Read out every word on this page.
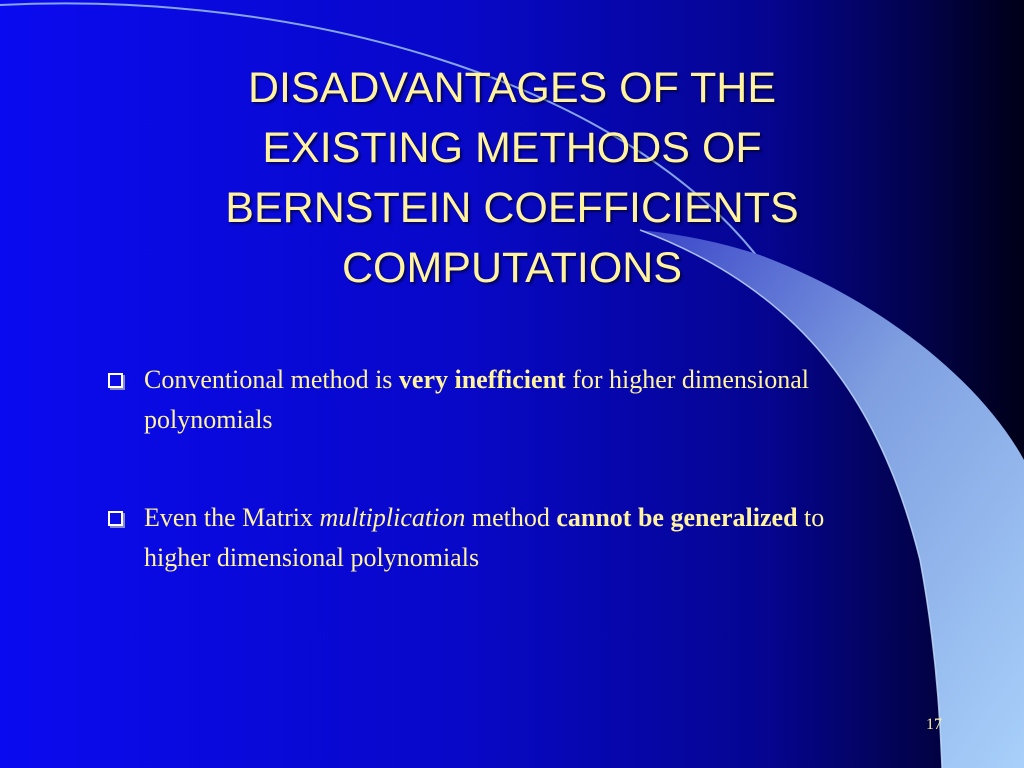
DISADVANTAGES OF THE
EXISTING METHODS OF
BERNSTEIN COEFFICIENTS
COMPUTATIONS
Conventional method is very inefficient for higher dimensional polynomials
Even the Matrix multiplication method cannot be generalized to higher dimensional polynomials
17
